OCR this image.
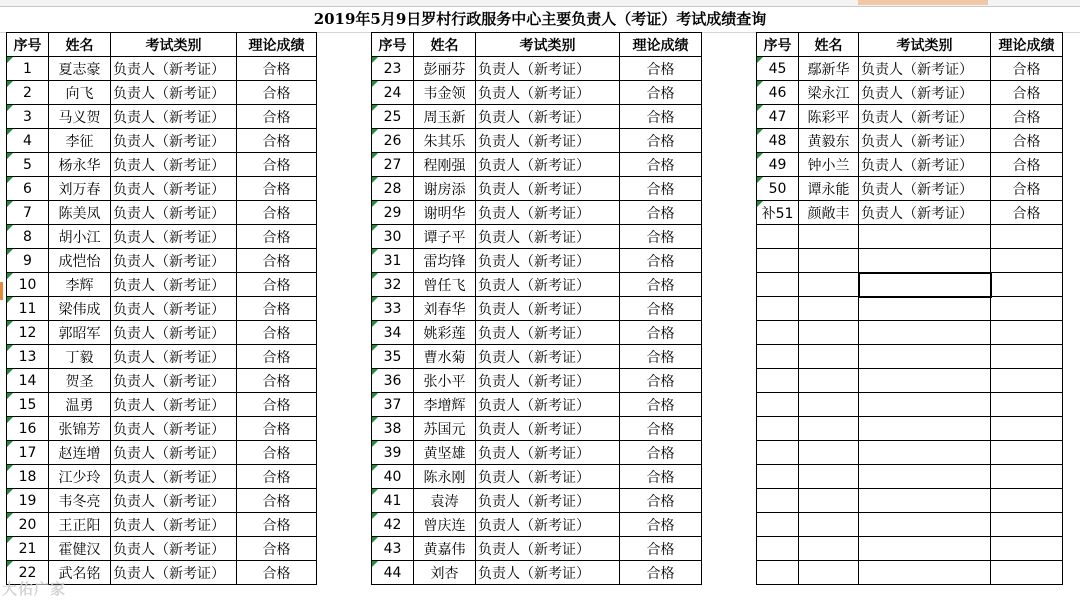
2019年5月9日罗村行政服务中心主要负责人（考证）考试成绩查询
序号	姓名	考试类别	理论成绩

1	夏志豪	负责人（新考证）	合格

2	向飞	负责人（新考证）	合格

3	马义贺	负责人（新考证）	合格

4	李征	负责人（新考证）	合格

5	杨永华	负责人（新考证）	合格

6	刘万春	负责人（新考证）	合格

7	陈美凤	负责人（新考证）	合格

8	胡小江	负责人（新考证）	合格

9	成恺怡	负责人（新考证）	合格

10	李辉	负责人（新考证）	合格

11	梁伟成	负责人（新考证）	合格

12	郭昭军	负责人（新考证）	合格

13	丁毅	负责人（新考证）	合格

14	贺圣	负责人（新考证）	合格

15	温勇	负责人（新考证）	合格

16	张锦芳	负责人（新考证）	合格

17	赵连增	负责人（新考证）	合格

18	江少玲	负责人（新考证）	合格

19	韦冬亮	负责人（新考证）	合格

20	王正阳	负责人（新考证）	合格

21	霍健汉	负责人（新考证）	合格

22	武名铭	负责人（新考证）	合格
序号	姓名	考试类别	理论成绩

23	彭丽芬	负责人（新考证）	合格

24	韦金领	负责人（新考证）	合格

25	周玉新	负责人（新考证）	合格

26	朱其乐	负责人（新考证）	合格

27	程刚强	负责人（新考证）	合格

28	谢房添	负责人（新考证）	合格

29	谢明华	负责人（新考证）	合格

30	谭子平	负责人（新考证）	合格

31	雷均锋	负责人（新考证）	合格

32	曾任飞	负责人（新考证）	合格

33	刘春华	负责人（新考证）	合格

34	姚彩莲	负责人（新考证）	合格

35	曹水菊	负责人（新考证）	合格

36	张小平	负责人（新考证）	合格

37	李增辉	负责人（新考证）	合格

38	苏国元	负责人（新考证）	合格

39	黄坚雄	负责人（新考证）	合格

40	陈永刚	负责人（新考证）	合格

41	袁涛	负责人（新考证）	合格

42	曾庆连	负责人（新考证）	合格

43	黄嘉伟	负责人（新考证）	合格

44	刘杏	负责人（新考证）	合格
序号	姓名	考试类别	理论成绩

45	鄢新华	负责人（新考证）	合格

46	梁永江	负责人（新考证）	合格

47	陈彩平	负责人（新考证）	合格

48	黄毅东	负责人（新考证）	合格

49	钟小兰	负责人（新考证）	合格

50	谭永能	负责人（新考证）	合格

补51	颜敞丰	负责人（新考证）	合格

大佑广家
